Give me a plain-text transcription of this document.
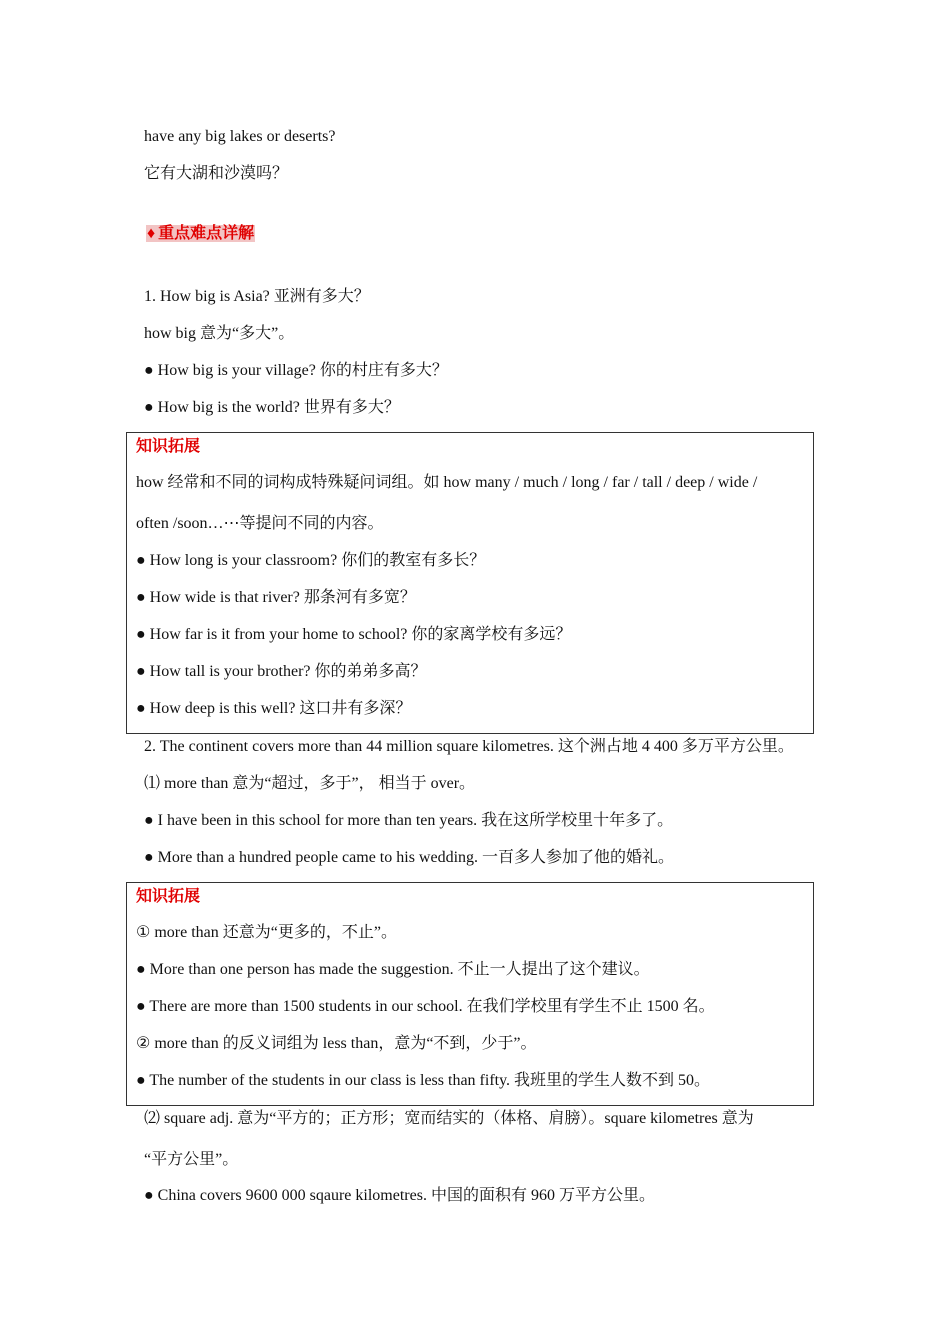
have any big lakes or deserts?
它有大湖和沙漠吗？
♦ 重点难点详解
1. How big is Asia? 亚洲有多大？
how big 意为“多大”。
● How big is your village? 你的村庄有多大？
● How big is the world? 世界有多大？
知识拓展
how 经常和不同的词构成特殊疑问词组。如 how many / much / long / far / tall / deep / wide /
often /soon…⋯等提问不同的内容。
● How long is your classroom? 你们的教室有多长？
● How wide is that river? 那条河有多宽？
● How far is it from your home to school? 你的家离学校有多远？
● How tall is your brother? 你的弟弟多高？
● How deep is this well? 这口井有多深？
2. The continent covers more than 44 million square kilometres. 这个洲占地 4 400 多万平方公里。
⑴ more than 意为“超过，多于”， 相当于 over。
● I have been in this school for more than ten years. 我在这所学校里十年多了。
● More than a hundred people came to his wedding. 一百多人参加了他的婚礼。
知识拓展
① more than 还意为“更多的，不止”。
● More than one person has made the suggestion. 不止一人提出了这个建议。
● There are more than 1500 students in our school. 在我们学校里有学生不止 1500 名。
② more than 的反义词组为 less than，意为“不到，少于”。
● The number of the students in our class is less than fifty. 我班里的学生人数不到 50。
⑵ square adj. 意为“平方的；正方形；宽而结实的（体格、肩膀）。square kilometres 意为
“平方公里”。
● China covers 9600 000 sqaure kilometres. 中国的面积有 960 万平方公里。
